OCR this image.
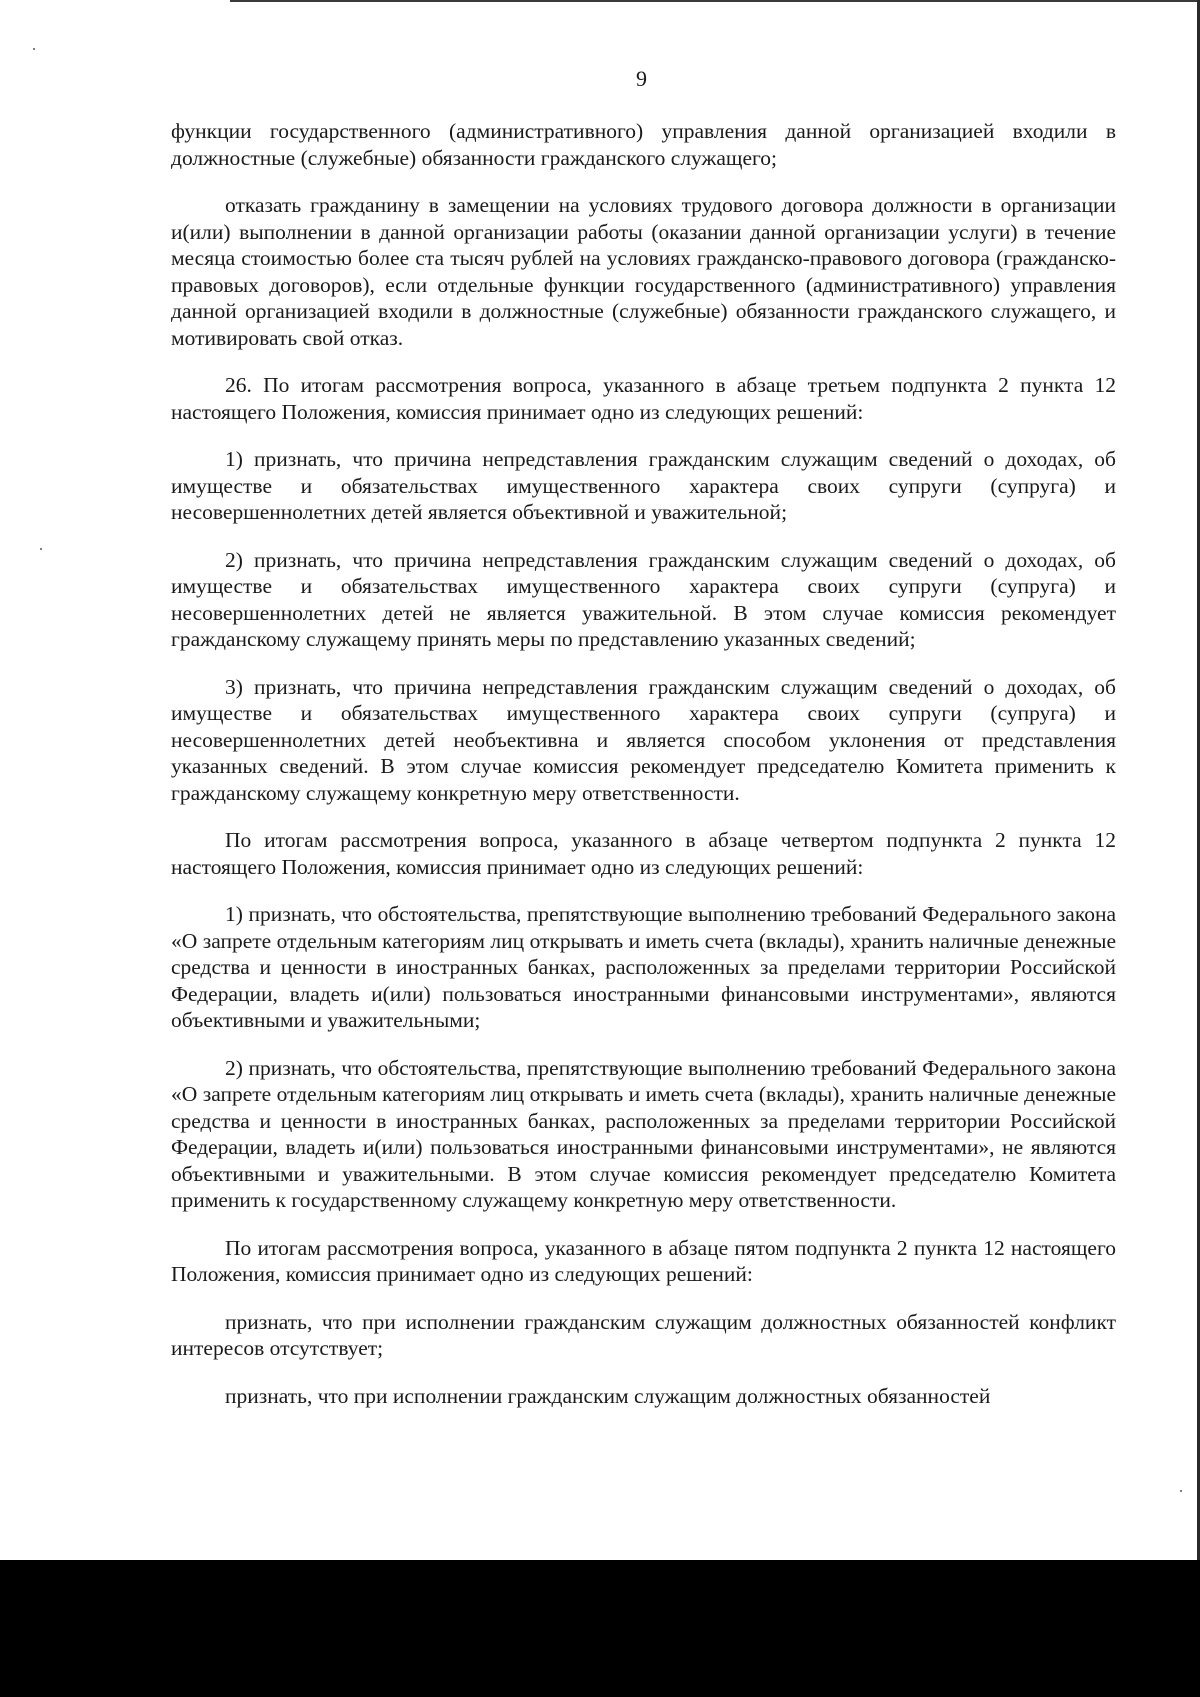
9

функции государственного (административного) управления данной организацией входили в должностные (служебные) обязанности гражданского служащего;

отказать гражданину в замещении на условиях трудового договора должности в организации и(или) выполнении в данной организации работы (оказании данной организации услуги) в течение месяца стоимостью более ста тысяч рублей на условиях гражданско-правового договора (гражданско-правовых договоров), если отдельные функции государственного (административного) управления данной организацией входили в должностные (служебные) обязанности гражданского служащего, и мотивировать свой отказ.

26. По итогам рассмотрения вопроса, указанного в абзаце третьем подпункта 2 пункта 12 настоящего Положения, комиссия принимает одно из следующих решений:

1) признать, что причина непредставления гражданским служащим сведений о доходах, об имуществе и обязательствах имущественного характера своих супруги (супруга) и несовершеннолетних детей является объективной и уважительной;

2) признать, что причина непредставления гражданским служащим сведений о доходах, об имуществе и обязательствах имущественного характера своих супруги (супруга) и несовершеннолетних детей не является уважительной. В этом случае комиссия рекомендует гражданскому служащему принять меры по представлению указанных сведений;

3) признать, что причина непредставления гражданским служащим сведений о доходах, об имуществе и обязательствах имущественного характера своих супруги (супруга) и несовершеннолетних детей необъективна и является способом уклонения от представления указанных сведений. В этом случае комиссия рекомендует председателю Комитета применить к гражданскому служащему конкретную меру ответственности.

По итогам рассмотрения вопроса, указанного в абзаце четвертом подпункта 2 пункта 12 настоящего Положения, комиссия принимает одно из следующих решений:

1) признать, что обстоятельства, препятствующие выполнению требований Федерального закона «О запрете отдельным категориям лиц открывать и иметь счета (вклады), хранить наличные денежные средства и ценности в иностранных банках, расположенных за пределами территории Российской Федерации, владеть и(или) пользоваться иностранными финансовыми инструментами», являются объективными и уважительными;

2) признать, что обстоятельства, препятствующие выполнению требований Федерального закона «О запрете отдельным категориям лиц открывать и иметь счета (вклады), хранить наличные денежные средства и ценности в иностранных банках, расположенных за пределами территории Российской Федерации, владеть и(или) пользоваться иностранными финансовыми инструментами», не являются объективными и уважительными. В этом случае комиссия рекомендует председателю Комитета применить к государственному служащему конкретную меру ответственности.

По итогам рассмотрения вопроса, указанного в абзаце пятом подпункта 2 пункта 12 настоящего Положения, комиссия принимает одно из следующих решений:

признать, что при исполнении гражданским служащим должностных обязанностей конфликт интересов отсутствует;

признать, что при исполнении гражданским служащим должностных обязанностей
